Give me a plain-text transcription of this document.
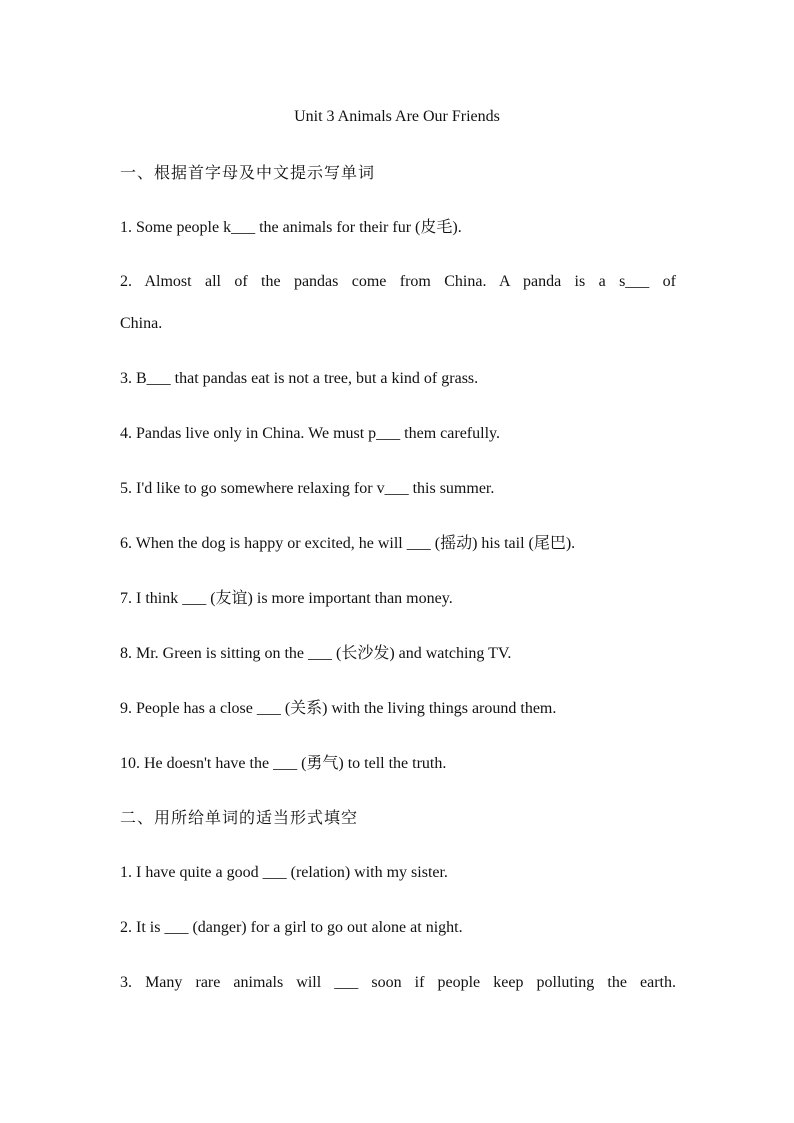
Unit 3 Animals Are Our Friends
一、根据首字母及中文提示写单词
1. Some people k___ the animals for their fur (皮毛).
2. Almost all of the pandas come from China. A panda is a s___ of
China.
3. B___ that pandas eat is not a tree, but a kind of grass.
4. Pandas live only in China. We must p___ them carefully.
5. I'd like to go somewhere relaxing for v___ this summer.
6. When the dog is happy or excited, he will ___ (摇动) his tail (尾巴).
7. I think ___ (友谊) is more important than money.
8. Mr. Green is sitting on the ___ (长沙发) and watching TV.
9. People has a close ___ (关系) with the living things around them.
10. He doesn't have the ___ (勇气) to tell the truth.
二、用所给单词的适当形式填空
1. I have quite a good ___ (relation) with my sister.
2. It is ___ (danger) for a girl to go out alone at night.
3. Many rare animals will ___ soon if people keep polluting the earth.
